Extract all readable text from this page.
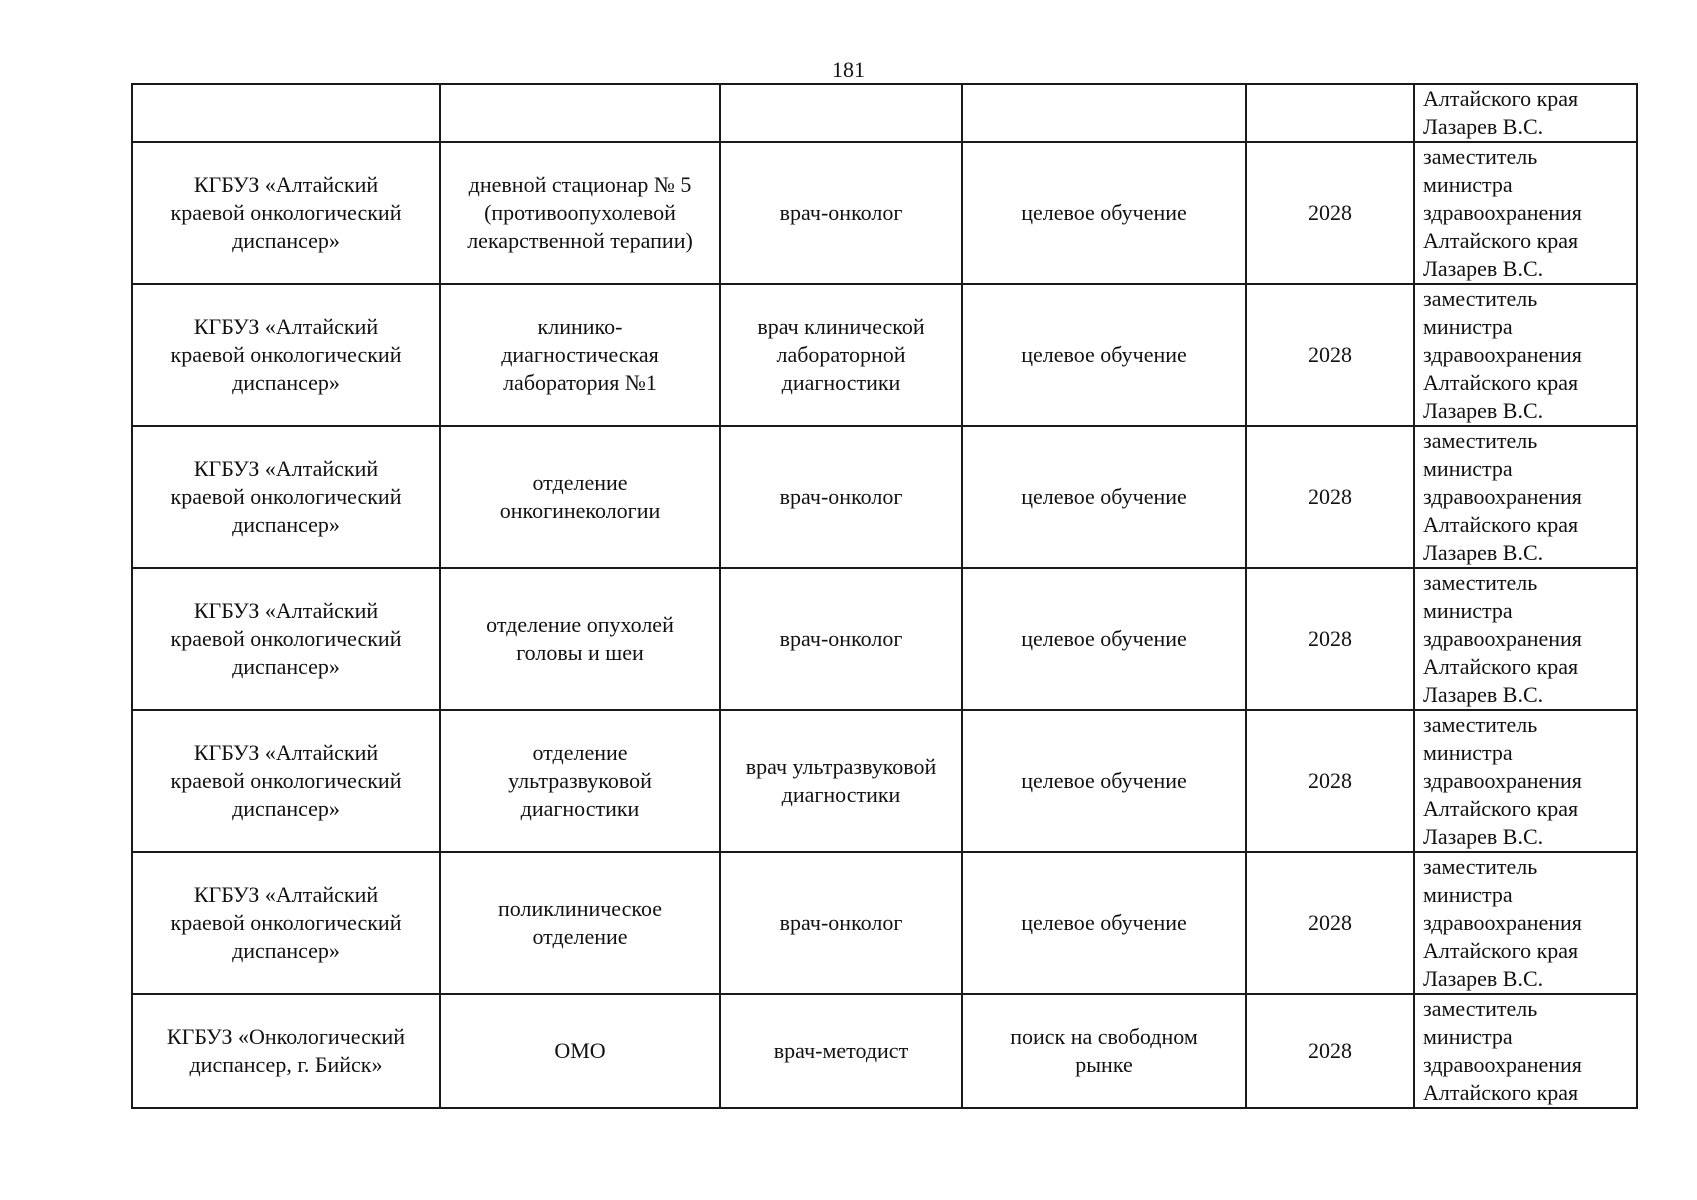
181
					Алтайского края
Лазарев В.С.
КГБУЗ «Алтайский
краевой онкологический
диспансер»	дневной стационар № 5
(противоопухолевой
лекарственной терапии)	врач-онколог	целевое обучение	2028	заместитель
министра
здравоохранения
Алтайского края
Лазарев В.С.
КГБУЗ «Алтайский
краевой онкологический
диспансер»	клинико-
диагностическая
лаборатория №1	врач клинической
лабораторной
диагностики	целевое обучение	2028	заместитель
министра
здравоохранения
Алтайского края
Лазарев В.С.
КГБУЗ «Алтайский
краевой онкологический
диспансер»	отделение
онкогинекологии	врач-онколог	целевое обучение	2028	заместитель
министра
здравоохранения
Алтайского края
Лазарев В.С.
КГБУЗ «Алтайский
краевой онкологический
диспансер»	отделение опухолей
головы и шеи	врач-онколог	целевое обучение	2028	заместитель
министра
здравоохранения
Алтайского края
Лазарев В.С.
КГБУЗ «Алтайский
краевой онкологический
диспансер»	отделение
ультразвуковой
диагностики	врач ультразвуковой
диагностики	целевое обучение	2028	заместитель
министра
здравоохранения
Алтайского края
Лазарев В.С.
КГБУЗ «Алтайский
краевой онкологический
диспансер»	поликлиническое
отделение	врач-онколог	целевое обучение	2028	заместитель
министра
здравоохранения
Алтайского края
Лазарев В.С.
КГБУЗ «Онкологический
диспансер, г. Бийск»	ОМО	врач-методист	поиск на свободном
рынке	2028	заместитель
министра
здравоохранения
Алтайского края
